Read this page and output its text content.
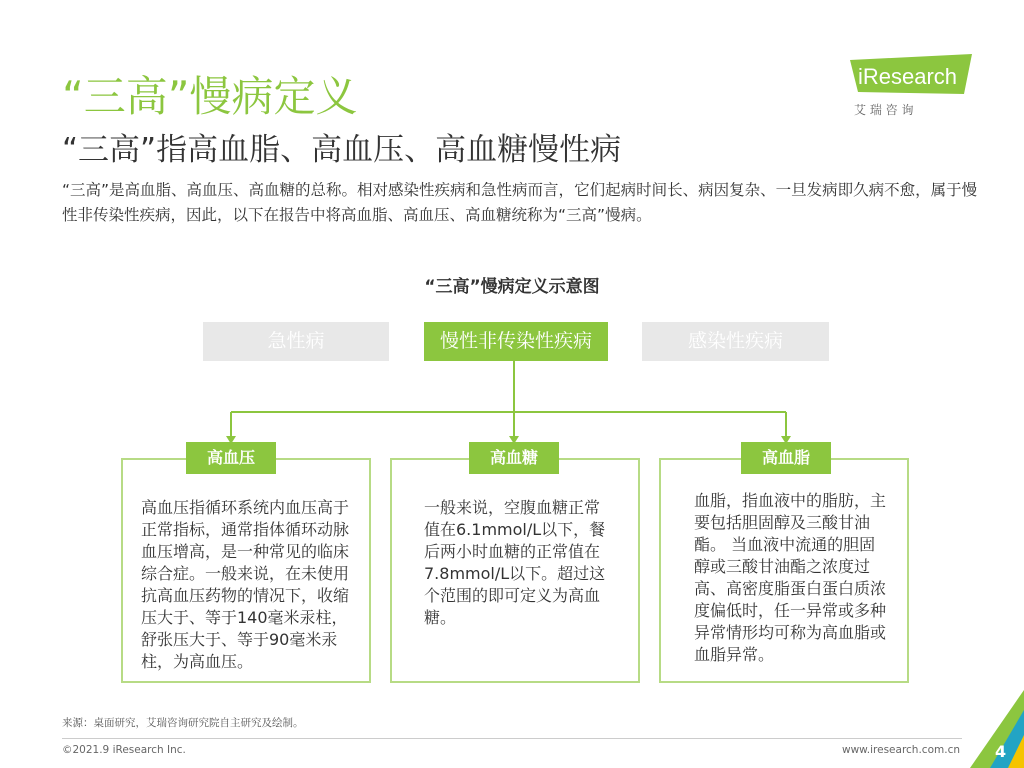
iResearch
艾 瑞 咨 询
“三高”慢病定义
“三高”指高血脂、高血压、高血糖慢性病
“三高”是高血脂、高血压、高血糖的总称。相对感染性疾病和急性病而言，它们起病时间长、病因复杂、一旦发病即久病不愈，属于慢性非传染性疾病，因此，以下在报告中将高血脂、高血压、高血糖统称为“三高”慢病。
“三高”慢病定义示意图
急性病	慢性非传染性疾病	感染性疾病
高血压	高血糖	高血脂
高血压指循环系统内血压高于正常指标，通常指体循环动脉血压增高，是一种常见的临床综合症。一般来说，在未使用抗高血压药物的情况下，收缩压大于、等于140毫米汞柱，舒张压大于、等于90毫米汞柱，为高血压。
一般来说，空腹血糖正常值在6.1mmol/L以下，餐后两小时血糖的正常值在7.8mmol/L以下。超过这个范围的即可定义为高血糖。
血脂，指血液中的脂肪，主要包括胆固醇及三酸甘油酯。 当血液中流通的胆固醇或三酸甘油酯之浓度过高、高密度脂蛋白蛋白质浓度偏低时，任一异常或多种异常情形均可称为高血脂或血脂异常。
来源：桌面研究，艾瑞咨询研究院自主研究及绘制。
©2021.9 iResearch Inc.	www.iresearch.com.cn 4
